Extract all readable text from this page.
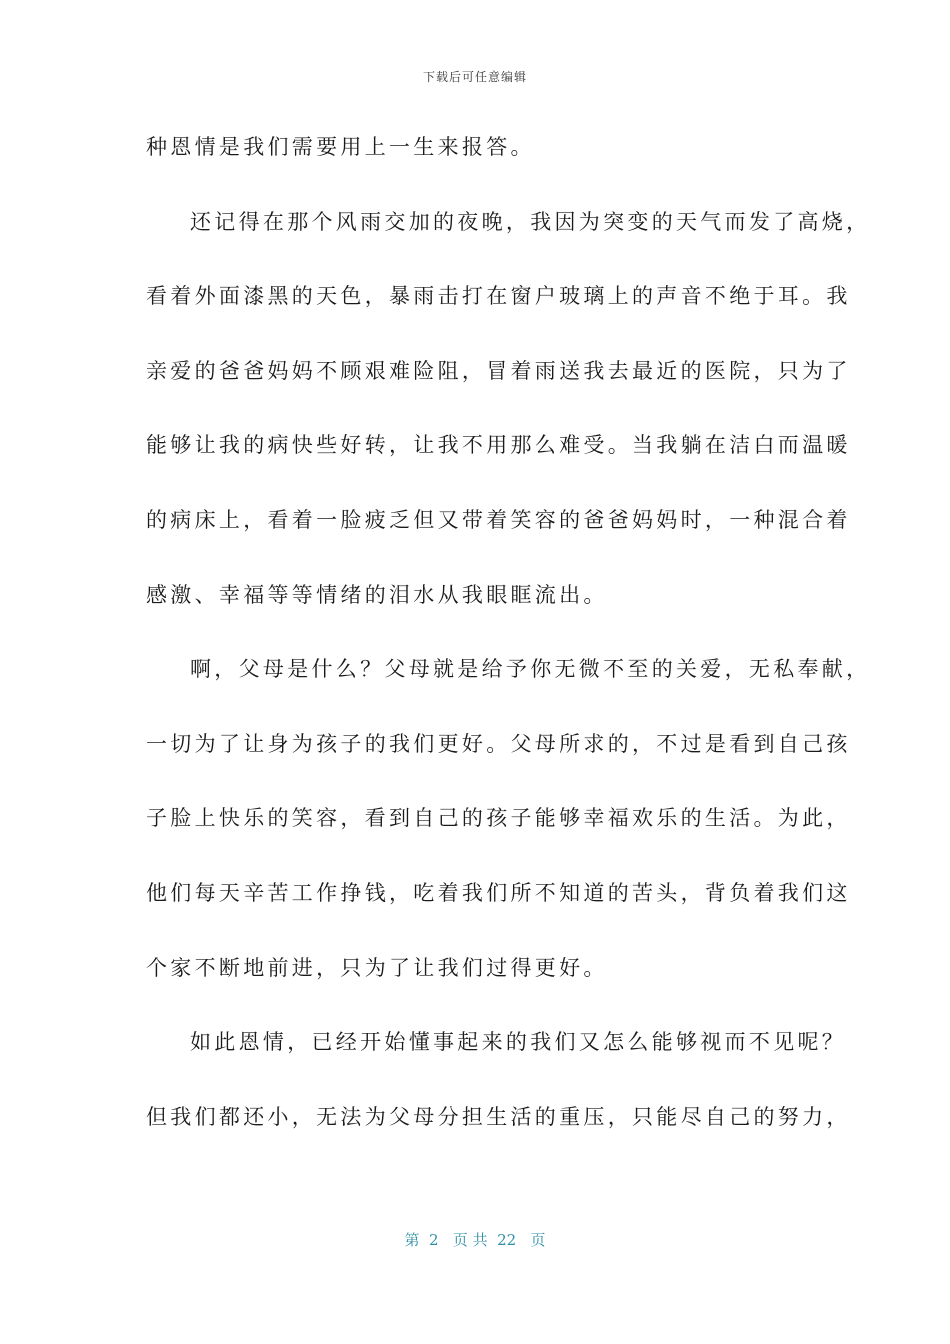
下载后可任意编辑
种恩情是我们需要用上一生来报答。
还记得在那个风雨交加的夜晚，我因为突变的天气而发了高烧，
看着外面漆黑的天色，暴雨击打在窗户玻璃上的声音不绝于耳。我
亲爱的爸爸妈妈不顾艰难险阻，冒着雨送我去最近的医院，只为了
能够让我的病快些好转，让我不用那么难受。当我躺在洁白而温暖
的病床上，看着一脸疲乏但又带着笑容的爸爸妈妈时，一种混合着
感激、幸福等等情绪的泪水从我眼眶流出。
啊，父母是什么？父母就是给予你无微不至的关爱，无私奉献，
一切为了让身为孩子的我们更好。父母所求的，不过是看到自己孩
子脸上快乐的笑容，看到自己的孩子能够幸福欢乐的生活。为此，
他们每天辛苦工作挣钱，吃着我们所不知道的苦头，背负着我们这
个家不断地前进，只为了让我们过得更好。
如此恩情，已经开始懂事起来的我们又怎么能够视而不见呢？
但我们都还小，无法为父母分担生活的重压，只能尽自己的努力，
第  2   页 共  22   页
